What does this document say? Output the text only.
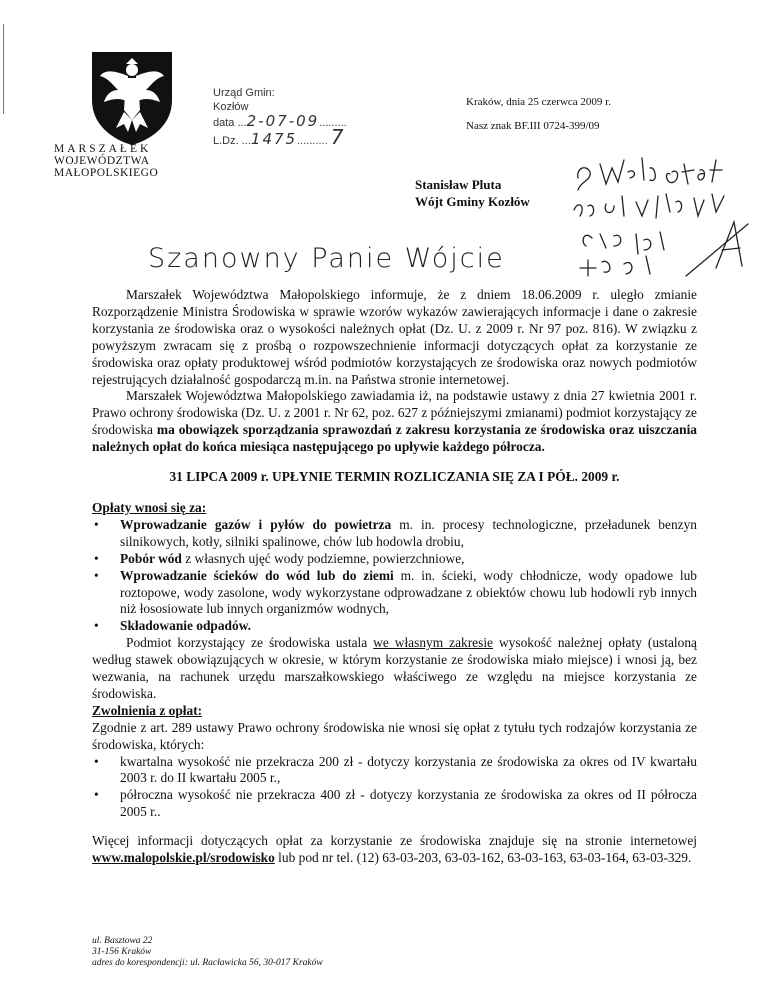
MARSZAŁEK
WOJEWÓDZTWA
MAŁOPOLSKIEGO
Urząd Gmin:
Kozłów
data ...2-07-09.........
L.Dz. ...1475.......... 7
Kraków, dnia 25 czerwca 2009 r.
Nasz znak BF.III 0724-399/09
Stanisław Pluta
Wójt Gminy Kozłów
Szanowny Panie Wójcie

Marszałek Województwa Małopolskiego informuje, że z dniem 18.06.2009 r. uległo zmianie Rozporządzenie Ministra Środowiska w sprawie wzorów wykazów zawierających informacje i dane o zakresie korzystania ze środowiska oraz o wysokości należnych opłat (Dz. U. z 2009 r. Nr 97 poz. 816). W związku z powyższym zwracam się z prośbą o rozpowszechnienie informacji dotyczących opłat za korzystanie ze środowiska oraz opłaty produktowej wśród podmiotów korzystających ze środowiska oraz nowych podmiotów rejestrujących działalność gospodarczą m.in. na Państwa stronie internetowej.

Marszałek Województwa Małopolskiego zawiadamia iż, na podstawie ustawy z dnia 27 kwietnia 2001 r. Prawo ochrony środowiska (Dz. U. z 2001 r. Nr 62, poz. 627 z późniejszymi zmianami) podmiot korzystający ze środowiska ma obowiązek sporządzania sprawozdań z zakresu korzystania ze środowiska oraz uiszczania należnych opłat do końca miesiąca następującego po upływie każdego półrocza.

31 LIPCA 2009 r. UPŁYNIE TERMIN ROZLICZANIA SIĘ ZA I PÓŁ. 2009 r.

Opłaty wnosi się za:

• Wprowadzanie gazów i pyłów do powietrza m. in. procesy technologiczne, przeładunek benzyn silnikowych, kotły, silniki spalinowe, chów lub hodowla drobiu,
• Pobór wód z własnych ujęć wody podziemne, powierzchniowe,
• Wprowadzanie ścieków do wód lub do ziemi m. in. ścieki, wody chłodnicze, wody opadowe lub roztopowe, wody zasolone, wody wykorzystane odprowadzane z obiektów chowu lub hodowli ryb innych niż łososiowate lub innych organizmów wodnych,
• Składowanie odpadów.

Podmiot korzystający ze środowiska ustala we własnym zakresie wysokość należnej opłaty (ustaloną według stawek obowiązujących w okresie, w którym korzystanie ze środowiska miało miejsce) i wnosi ją, bez wezwania, na rachunek urzędu marszałkowskiego właściwego ze względu na miejsce korzystania ze środowiska.

Zwolnienia z opłat:

Zgodnie z art. 289 ustawy Prawo ochrony środowiska nie wnosi się opłat z tytułu tych rodzajów korzystania ze środowiska, których:

• kwartalna wysokość nie przekracza 200 zł - dotyczy korzystania ze środowiska za okres od IV kwartału 2003 r. do II kwartału 2005 r.,
• półroczna wysokość nie przekracza 400 zł - dotyczy korzystania ze środowiska za okres od II półrocza 2005 r..

Więcej informacji dotyczących opłat za korzystanie ze środowiska znajduje się na stronie internetowej www.malopolskie.pl/srodowisko lub pod nr tel. (12) 63-03-203, 63-03-162, 63-03-163, 63-03-164, 63-03-329.

ul. Basztowa 22
31-156 Kraków
adres do korespondencji: ul. Racławicka 56, 30-017 Kraków
